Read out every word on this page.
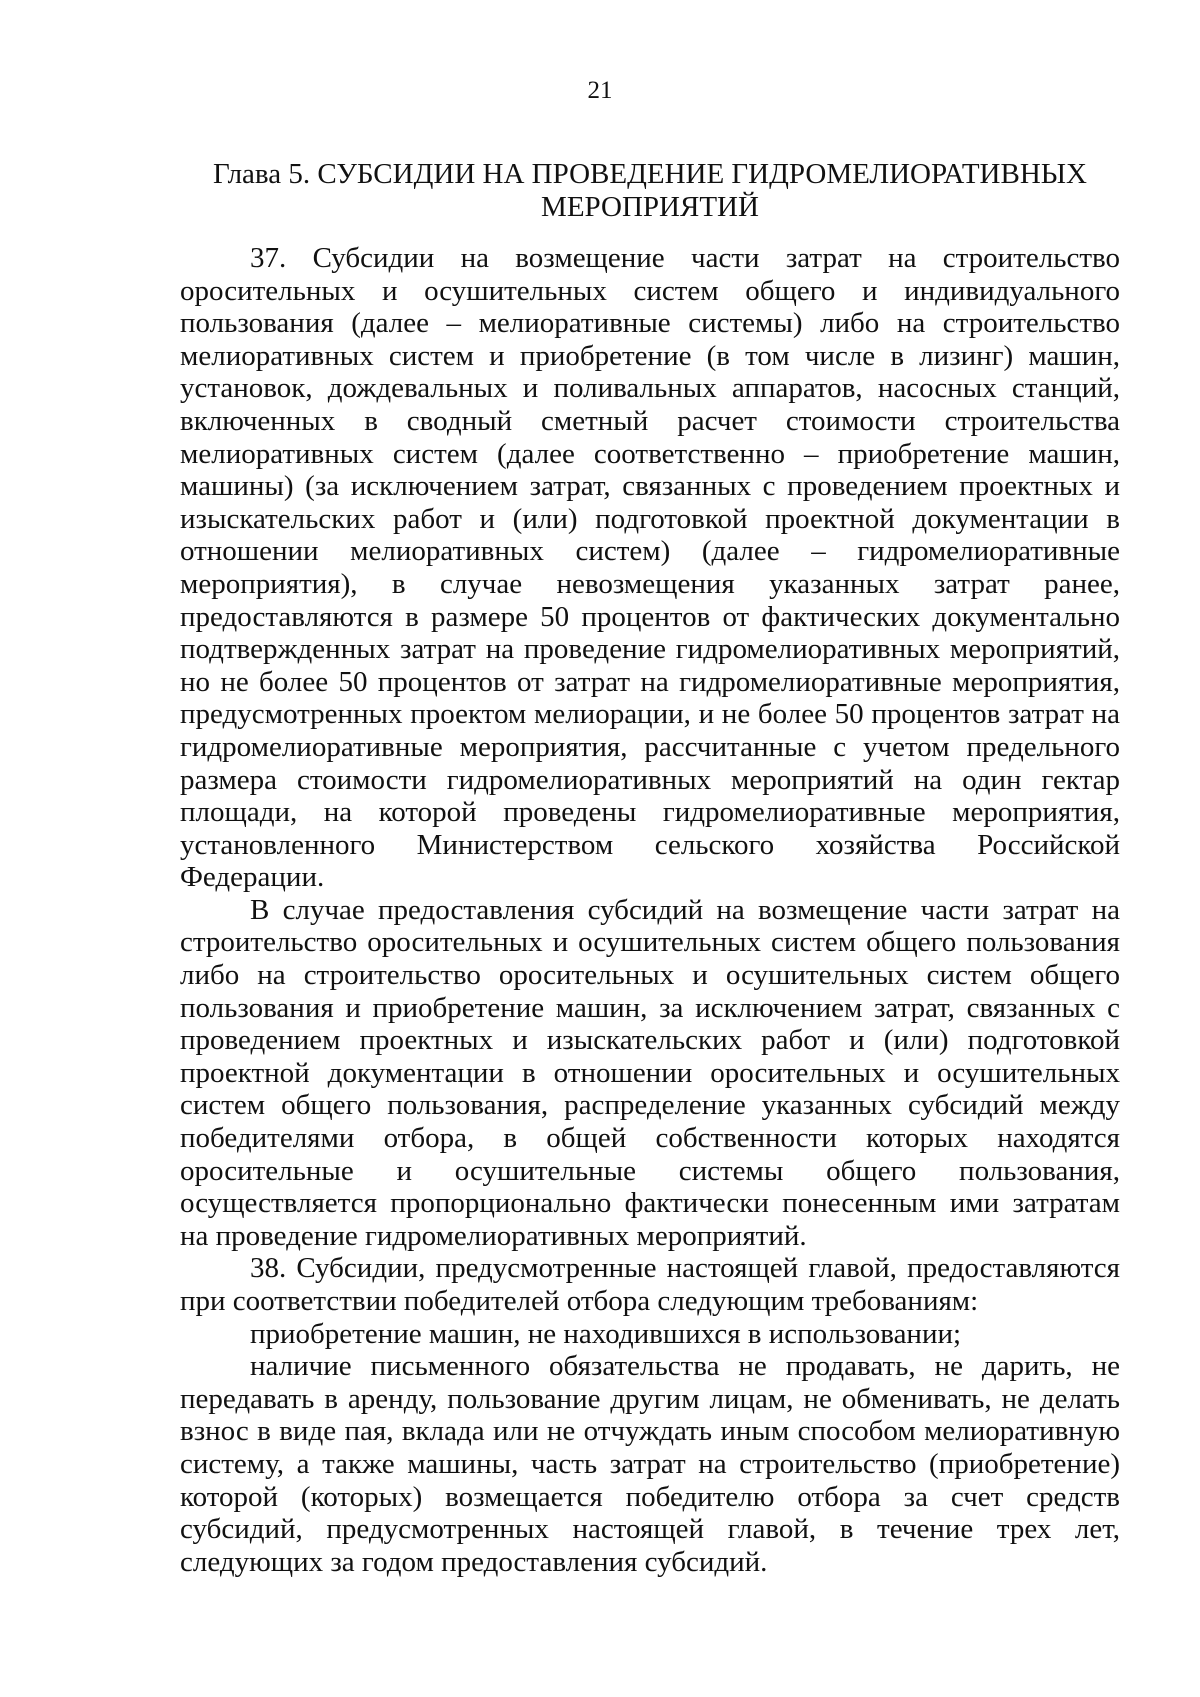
21
Глава 5. СУБСИДИИ НА ПРОВЕДЕНИЕ ГИДРОМЕЛИОРАТИВНЫХ
МЕРОПРИЯТИЙ

37. Субсидии на возмещение части затрат на строительство оросительных и осушительных систем общего и индивидуального пользования (далее – мелиоративные системы) либо на строительство мелиоративных систем и приобретение (в том числе в лизинг) машин, установок, дождевальных и поливальных аппаратов, насосных станций, включенных в сводный сметный расчет стоимости строительства мелиоративных систем (далее соответственно – приобретение машин, машины) (за исключением затрат, связанных с проведением проектных и изыскательских работ и (или) подготовкой проектной документации в отношении мелиоративных систем) (далее – гидромелиоративные мероприятия), в случае невозмещения указанных затрат ранее, предоставляются в размере 50 процентов от фактических документально подтвержденных затрат на проведение гидромелиоративных мероприятий, но не более 50 процентов от затрат на гидромелиоративные мероприятия, предусмотренных проектом мелиорации, и не более 50 процентов затрат на гидромелиоративные мероприятия, рассчитанные с учетом предельного размера стоимости гидромелиоративных мероприятий на один гектар площади, на которой проведены гидромелиоративные мероприятия, установленного Министерством сельского хозяйства Российской Федерации.

В случае предоставления субсидий на возмещение части затрат на строительство оросительных и осушительных систем общего пользования либо на строительство оросительных и осушительных систем общего пользования и приобретение машин, за исключением затрат, связанных с проведением проектных и изыскательских работ и (или) подготовкой проектной документации в отношении оросительных и осушительных систем общего пользования, распределение указанных субсидий между победителями отбора, в общей собственности которых находятся оросительные и осушительные системы общего пользования, осуществляется пропорционально фактически понесенным ими затратам на проведение гидромелиоративных мероприятий.

38. Субсидии, предусмотренные настоящей главой, предоставляются при соответствии победителей отбора следующим требованиям:

приобретение машин, не находившихся в использовании;

наличие письменного обязательства не продавать, не дарить, не передавать в аренду, пользование другим лицам, не обменивать, не делать взнос в виде пая, вклада или не отчуждать иным способом мелиоративную систему, а также машины, часть затрат на строительство (приобретение) которой (которых) возмещается победителю отбора за счет средств субсидий, предусмотренных настоящей главой, в течение трех лет, следующих за годом предоставления субсидий.
